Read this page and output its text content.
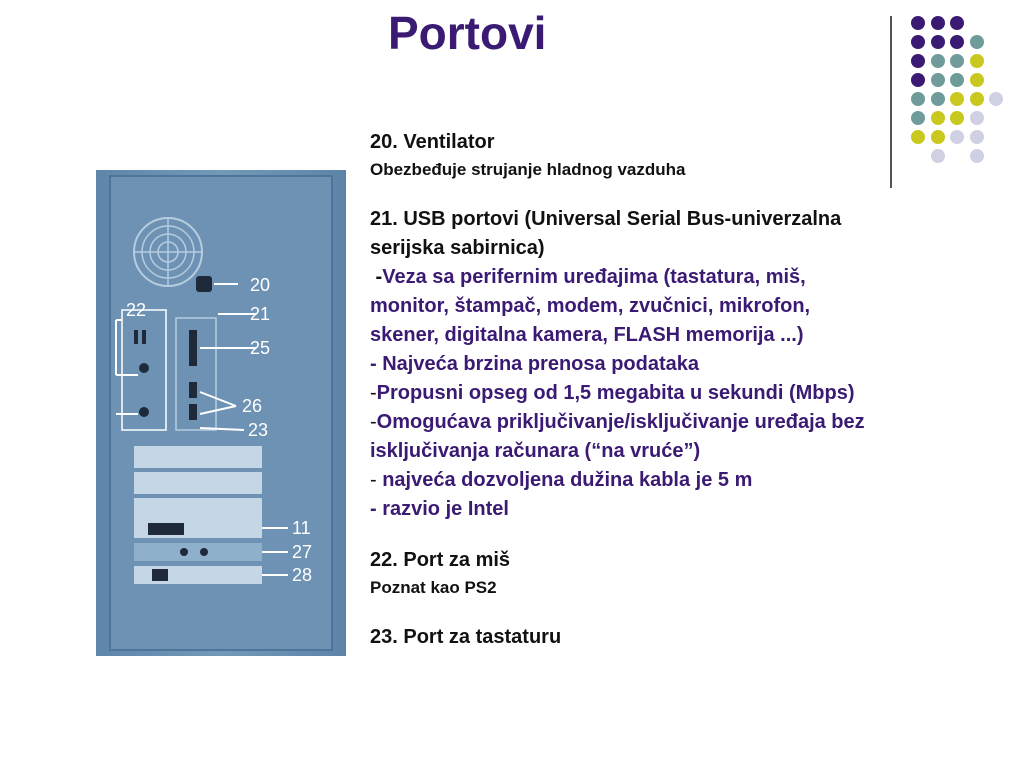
Portovi
20
21
22
25
26
23
11
27
28
20. Ventilator
Obezbeđuje strujanje hladnog vazduha
21. USB portovi (Universal Serial Bus-univerzalna
serijska sabirnica)
-Veza sa perifernim uređajima (tastatura, miš,
monitor, štampač, modem, zvučnici, mikrofon,
skener, digitalna kamera, FLASH memorija ...)
- Najveća brzina prenosa podataka
-Propusni opseg od 1,5 megabita u sekundi (Mbps)
-Omogućava priključivanje/isključivanje uređaja bez
isključivanja računara (“na vruće”)
- najveća dozvoljena dužina kabla je 5 m
- razvio je Intel
22. Port za miš
Poznat kao PS2
23. Port za tastaturu
